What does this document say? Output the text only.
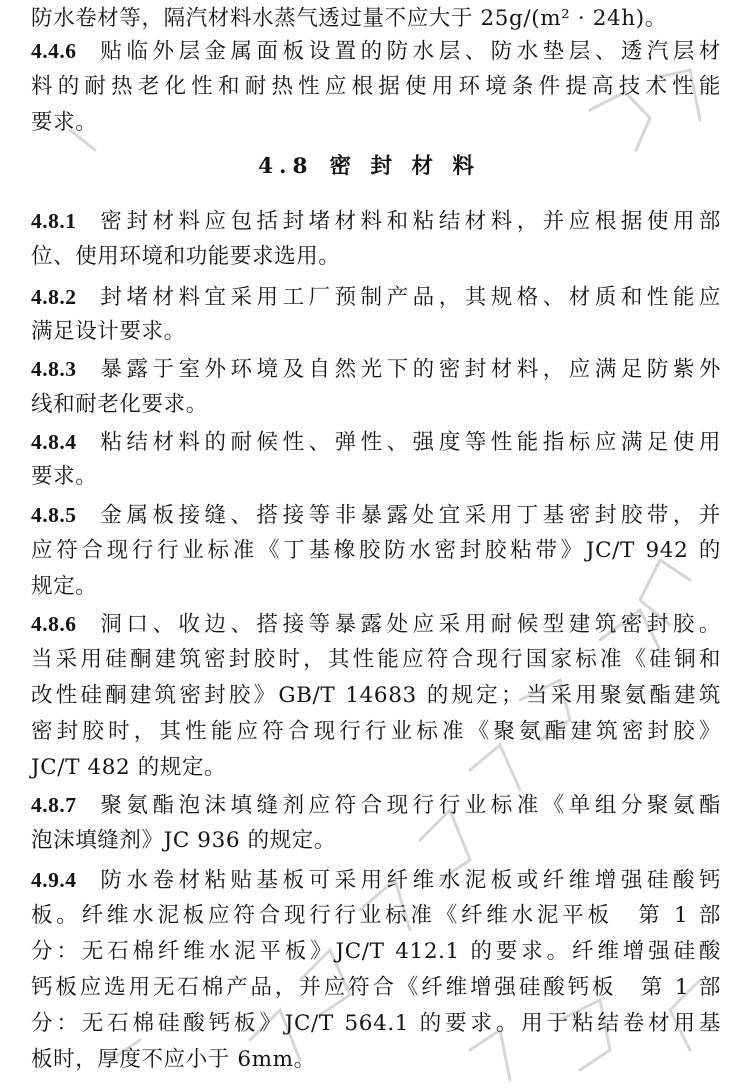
防水卷材等，隔汽材料水蒸气透过量不应大于 25g/(m² · 24h)。
4.4.6 贴临外层金属面板设置的防水层、防水垫层、透汽层材
料的耐热老化性和耐热性应根据使用环境条件提高技术性能
要求。
4.8 密 封 材 料
4.8.1 密封材料应包括封堵材料和粘结材料，并应根据使用部
位、使用环境和功能要求选用。
4.8.2 封堵材料宜采用工厂预制产品，其规格、材质和性能应
满足设计要求。
4.8.3 暴露于室外环境及自然光下的密封材料，应满足防紫外
线和耐老化要求。
4.8.4 粘结材料的耐候性、弹性、强度等性能指标应满足使用
要求。
4.8.5 金属板接缝、搭接等非暴露处宜采用丁基密封胶带，并
应符合现行行业标准《丁基橡胶防水密封胶粘带》JC/T 942 的
规定。
4.8.6 洞口、收边、搭接等暴露处应采用耐候型建筑密封胶。
当采用硅酮建筑密封胶时，其性能应符合现行国家标准《硅铜和
改性硅酮建筑密封胶》GB/T 14683 的规定；当采用聚氨酯建筑
密封胶时，其性能应符合现行行业标准《聚氨酯建筑密封胶》
JC/T 482 的规定。
4.8.7 聚氨酯泡沫填缝剂应符合现行行业标准《单组分聚氨酯
泡沫填缝剂》JC 936 的规定。
4.9.4 防水卷材粘贴基板可采用纤维水泥板或纤维增强硅酸钙
板。纤维水泥板应符合现行行业标准《纤维水泥平板　第 1 部
分：无石棉纤维水泥平板》JC/T 412.1 的要求。纤维增强硅酸
钙板应选用无石棉产品，并应符合《纤维增强硅酸钙板　第 1 部
分：无石棉硅酸钙板》JC/T 564.1 的要求。用于粘结卷材用基
板时，厚度不应小于 6mm。
